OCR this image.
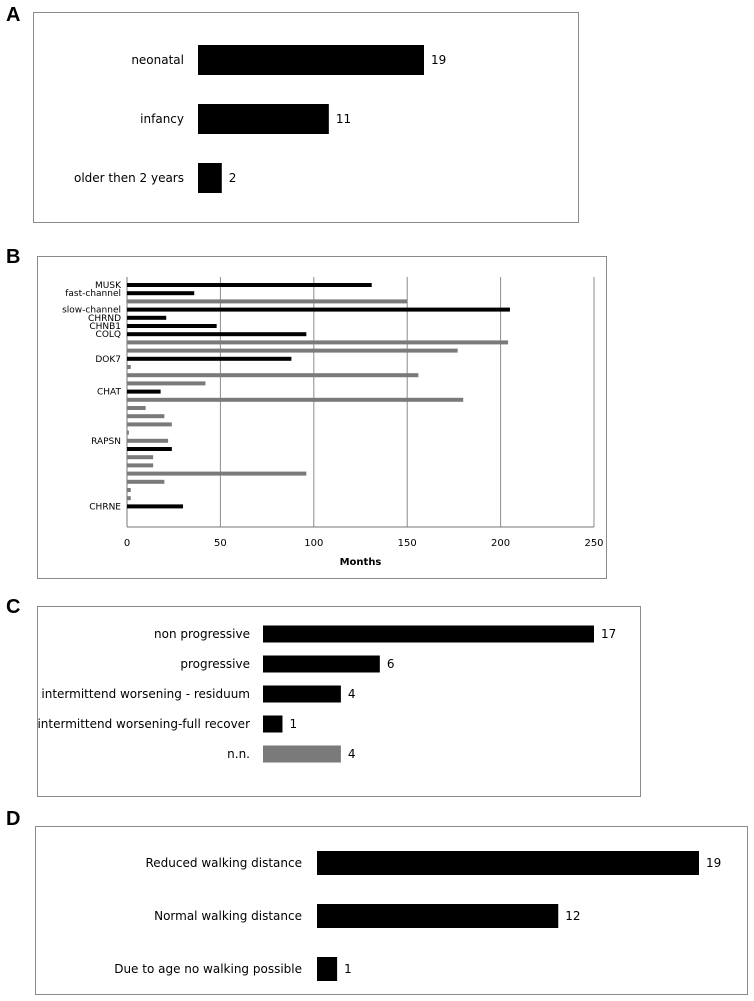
A
B
C
D
neonatal	19
infancy	11
older then 2 years	2
0	50	100	150	200	250
MUSK
fast-channel
slow-channel
CHRND
CHNB1
COLQ
DOK7
CHAT
RAPSN
CHRNE
Months
non progressive	17
progressive	6
intermittend worsening - residuum	4
intermittend worsening-full recover	1
n.n.	4
Reduced walking distance	19
Normal walking distance	12
Due to age no walking possible	1
